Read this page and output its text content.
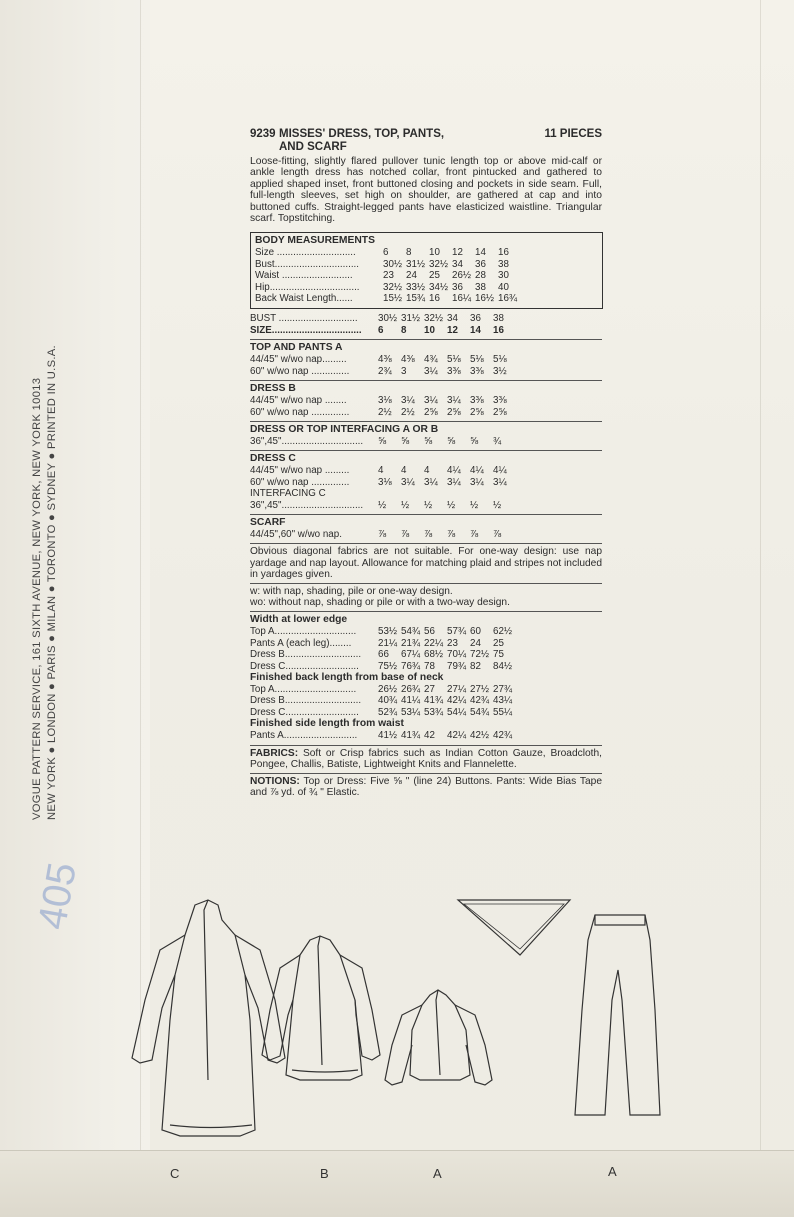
VOGUE PATTERN SERVICE, 161 SIXTH AVENUE, NEW YORK, NEW YORK 10013 NEW YORK ● LONDON ● PARIS ● MILAN ● TORONTO ● SYDNEY ● PRINTED IN U.S.A.
405
9239 MISSES' DRESS, TOP, PANTS,
AND SCARF
11 PIECES
Loose-fitting, slightly flared pullover tunic length top or above mid-calf or ankle length dress has notched collar, front pintucked and gathered to applied shaped inset, front buttoned closing and pockets in side seam. Full, full-length sleeves, set high on shoulder, are gathered at cap and into buttoned cuffs. Straight-legged pants have elasticized waistline. Triangular scarf. Topstitching.
BODY MEASUREMENTS
Size .............................	6	8	10	12	14	16
Bust...............................	30½ 31½ 32½ 34	36	38
Waist ..........................	23	24	25	26½ 28	30
Hip.................................	32½ 33½ 34½ 36	38	40
Back Waist Length......	15½ 15¾ 16	16¼ 16½ 16¾
BUST .............................	30½ 31½ 32½ 34	36	38
SIZE.................................	6	8	10	12	14	16
TOP AND PANTS A
44/45" w/wo nap.........	4⅜ 4⅜ 4¾ 5⅛ 5⅛ 5⅛
60" w/wo nap ..............	2¾ 3	3¼ 3⅜ 3⅜ 3½
DRESS B
44/45" w/wo nap ........	3⅛ 3¼ 3¼ 3¼ 3⅜ 3⅜
60" w/wo nap ..............	2½ 2½ 2⅝ 2⅝ 2⅝ 2⅝
DRESS OR TOP INTERFACING A OR B
36",45"..............................	⅝	⅝	⅝	⅝	⅝	¾
DRESS C
44/45" w/wo nap .........	4	4	4	4¼ 4¼ 4¼
60" w/wo nap ..............	3⅛ 3¼ 3¼ 3¼ 3¼ 3¼
INTERFACING C
36",45"..............................	½	½	½	½	½	½
SCARF
44/45",60" w/wo nap.	⅞	⅞	⅞	⅞	⅞	⅞
Obvious diagonal fabrics are not suitable. For one-way design: use nap yardage and nap layout. Allowance for matching plaid and stripes not included in yardages given.
w: with nap, shading, pile or one-way design.
wo: without nap, shading or pile or with a two-way design.
Width at lower edge
Top A..............................	53½ 54¾ 56	57¾ 60	62½
Pants A (each leg)........	21¼ 21¾ 22¼ 23	24	25
Dress B............................	66	67¼ 68½ 70¼ 72½ 75
Dress C...........................	75½ 76¾ 78	79¾ 82	84½
Finished back length from base of neck
Top A..............................	26½ 26¾ 27	27¼ 27½ 27¾
Dress B............................	40¾ 41¼ 41¾ 42¼ 42¾ 43¼
Dress C...........................	52¾ 53¼ 53¾ 54¼ 54¾ 55¼
Finished side length from waist
Pants A...........................	41½ 41¾ 42	42¼ 42½ 42¾
FABRICS: Soft or Crisp fabrics such as Indian Cotton Gauze, Broadcloth, Pongee, Challis, Batiste, Lightweight Knits and Flannelette.
NOTIONS: Top or Dress: Five ⅝ " (line 24) Buttons. Pants: Wide Bias Tape and ⅞ yd. of ¾ " Elastic.
C	B	A	A
